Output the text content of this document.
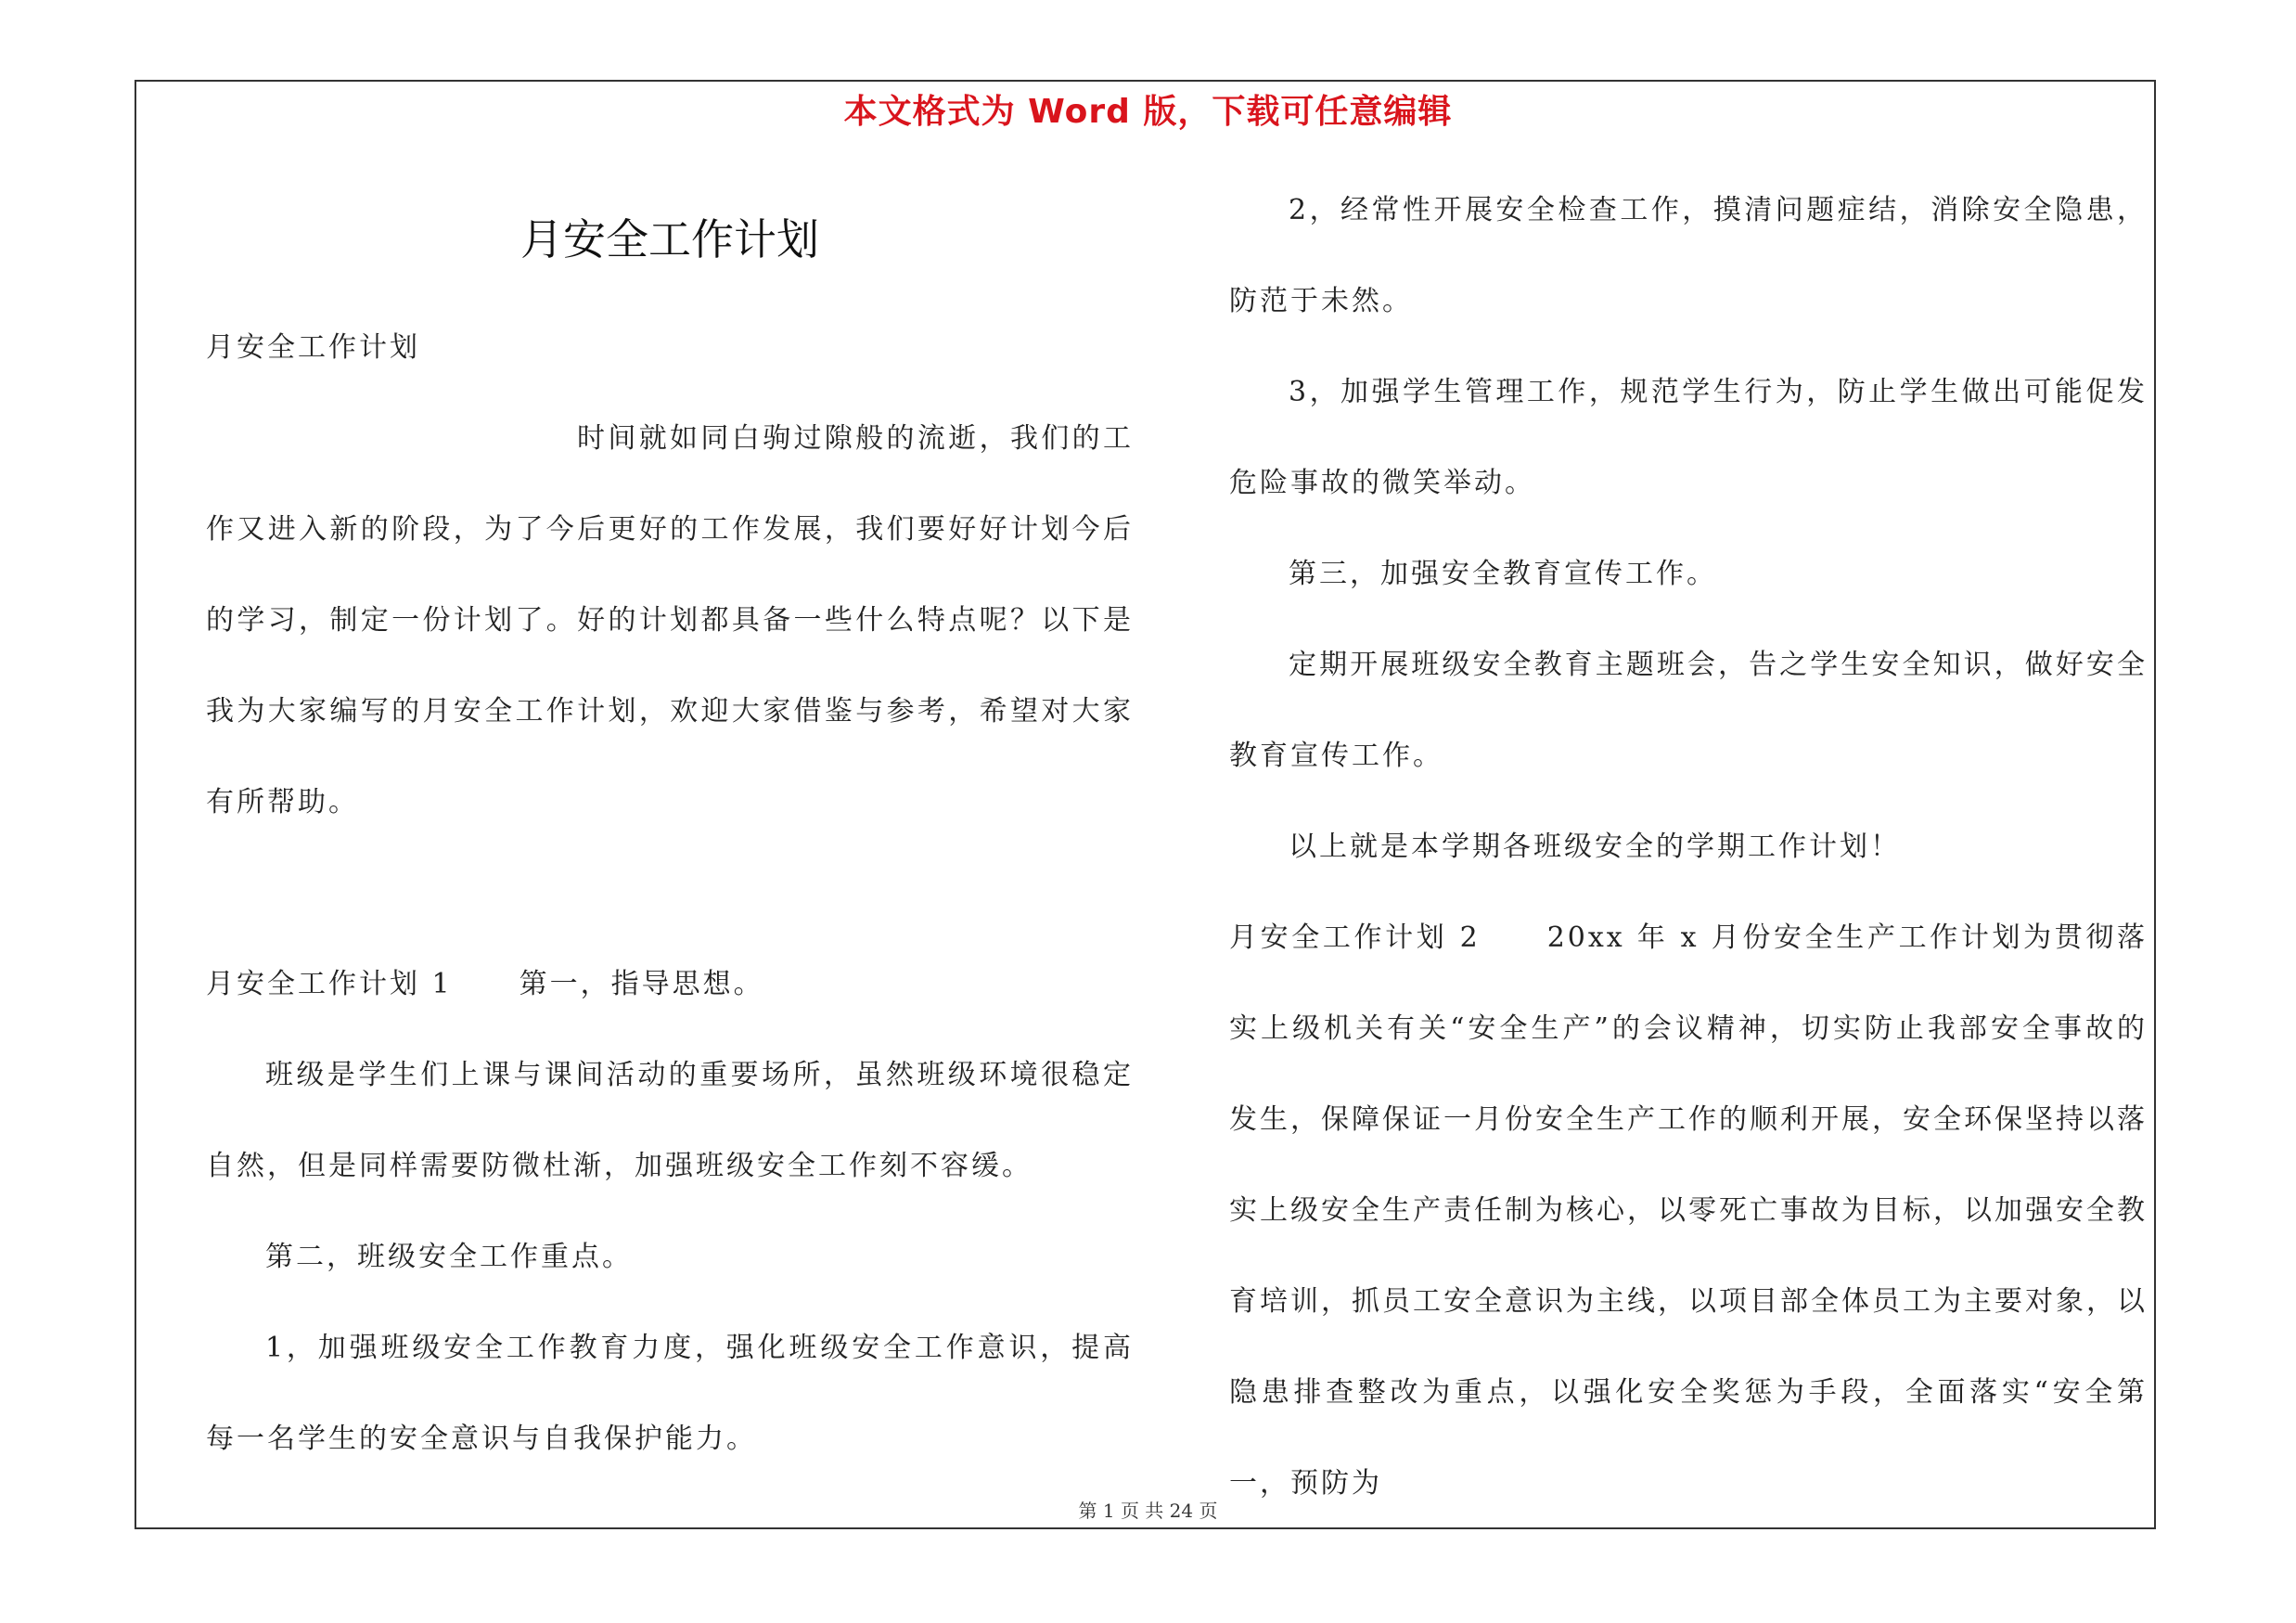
本文格式为 Word 版，下载可任意编辑
月安全工作计划

月安全工作计划

时间就如同白驹过隙般的流逝，我们的工作又进入新的阶段，为了今后更好的工作发展，我们要好好计划今后的学习，制定一份计划了。好的计划都具备一些什么特点呢？以下是我为大家编写的月安全工作计划，欢迎大家借鉴与参考，希望对大家有所帮助。

月安全工作计划 1 第一，指导思想。

班级是学生们上课与课间活动的重要场所，虽然班级环境很稳定自然，但是同样需要防微杜渐，加强班级安全工作刻不容缓。

第二，班级安全工作重点。

1，加强班级安全工作教育力度，强化班级安全工作意识，提高每一名学生的安全意识与自我保护能力。

2，经常性开展安全检查工作，摸清问题症结，消除安全隐患，防范于未然。

3，加强学生管理工作，规范学生行为，防止学生做出可能促发危险事故的微笑举动。

第三，加强安全教育宣传工作。

定期开展班级安全教育主题班会，告之学生安全知识，做好安全教育宣传工作。

以上就是本学期各班级安全的学期工作计划！

月安全工作计划 2 20xx 年 x 月份安全生产工作计划为贯彻落实上级机关有关“安全生产”的会议精神，切实防止我部安全事故的发生，保障保证一月份安全生产工作的顺利开展，安全环保坚持以落实上级安全生产责任制为核心，以零死亡事故为目标，以加强安全教育培训，抓员工安全意识为主线，以项目部全体员工为主要对象，以隐患排查整改为重点，以强化安全奖惩为手段，全面落实“安全第一，预防为

第 1 页 共 24 页
